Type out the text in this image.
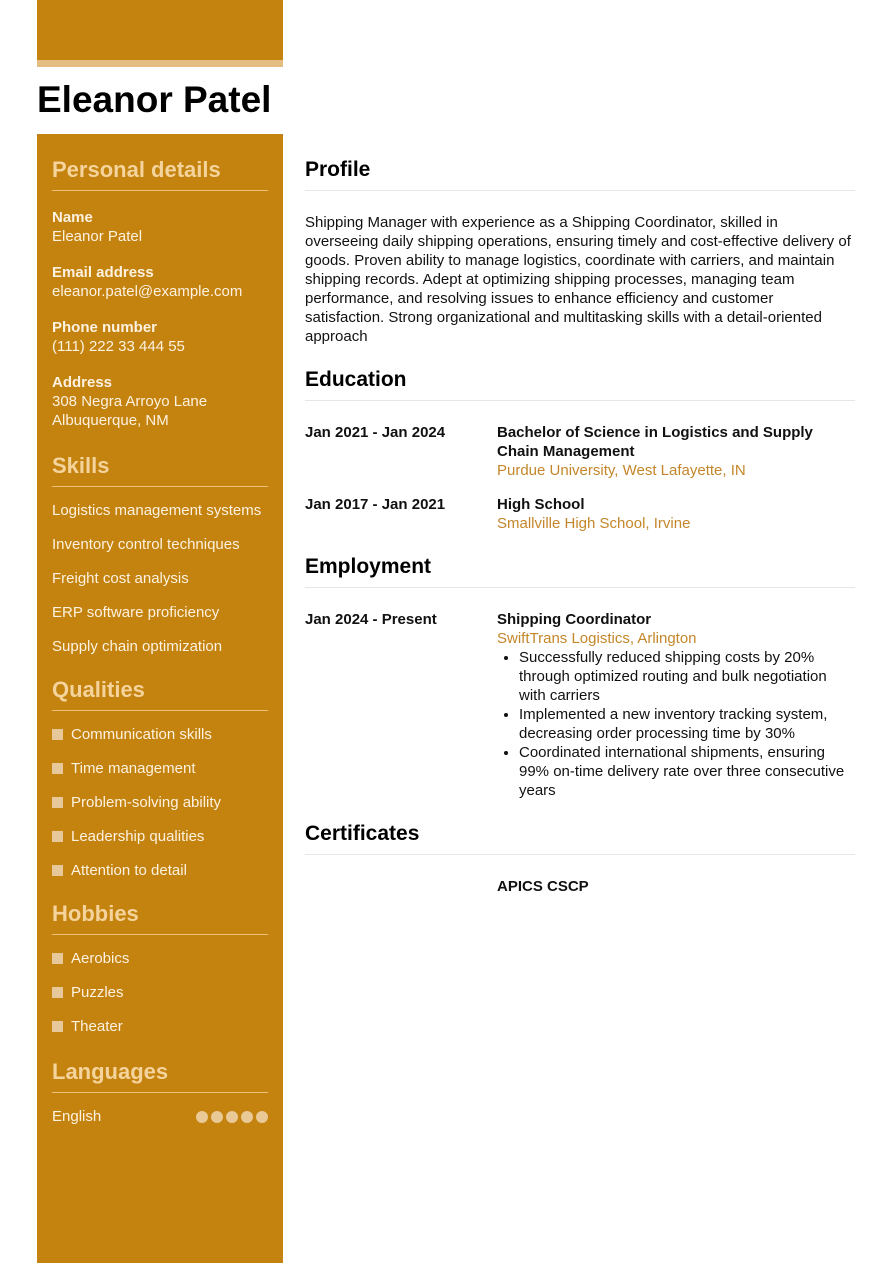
Eleanor Patel
Personal details
Name
Eleanor Patel
Email address
eleanor.patel@example.com
Phone number
(111) 222 33 444 55
Address
308 Negra Arroyo Lane
Albuquerque, NM
Skills
Logistics management systems
Inventory control techniques
Freight cost analysis
ERP software proficiency
Supply chain optimization
Qualities
Communication skills
Time management
Problem-solving ability
Leadership qualities
Attention to detail
Hobbies
Aerobics
Puzzles
Theater
Languages
English
Profile

Shipping Manager with experience as a Shipping Coordinator, skilled in overseeing daily shipping operations, ensuring timely and cost-effective delivery of goods. Proven ability to manage logistics, coordinate with carriers, and maintain shipping records. Adept at optimizing shipping processes, managing team performance, and resolving issues to enhance efficiency and customer satisfaction. Strong organizational and multitasking skills with a detail-oriented approach

Education
Jan 2021 - Jan 2024	Bachelor of Science in Logistics and Supply Chain Management
Purdue University, West Lafayette, IN
Jan 2017 - Jan 2021	High School
Smallville High School, Irvine
Employment
Jan 2024 - Present	Shipping Coordinator
SwiftTrans Logistics, Arlington
• Successfully reduced shipping costs by 20% through optimized routing and bulk negotiation with carriers
• Implemented a new inventory tracking system, decreasing order processing time by 30%
• Coordinated international shipments, ensuring 99% on-time delivery rate over three consecutive years
Certificates
APICS CSCP
